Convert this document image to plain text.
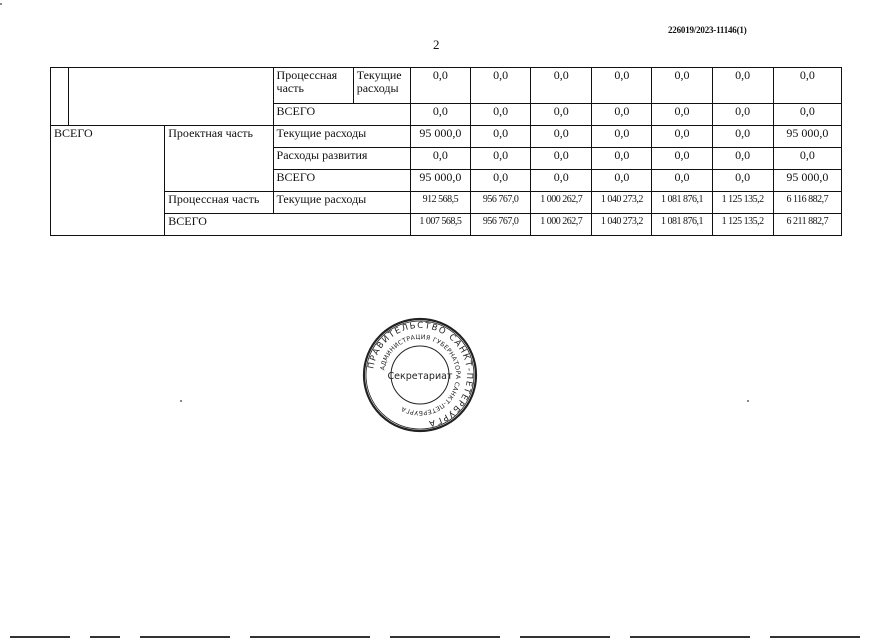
226019/2023-11146(1)
2
			Процессная часть	Текущие расходы	0,0	0,0	0,0	0,0	0,0	0,0	0,0
			ВСЕГО		0,0	0,0	0,0	0,0	0,0	0,0	0,0
ВСЕГО		Проектная часть	Текущие расходы		95 000,0	0,0	0,0	0,0	0,0	0,0	95 000,0
			Расходы развития		0,0	0,0	0,0	0,0	0,0	0,0	0,0
			ВСЕГО		95 000,0	0,0	0,0	0,0	0,0	0,0	95 000,0
		Процессная часть	Текущие расходы		912 568,5	956 767,0	1 000 262,7	1 040 273,2	1 081 876,1	1 125 135,2	6 116 882,7
		ВСЕГО			1 007 568,5	956 767,0	1 000 262,7	1 040 273,2	1 081 876,1	1 125 135,2	6 211 882,7
ПРАВИТЕЛЬСТВО САНКТ-ПЕТЕРБУРГА
АДМИНИСТРАЦИЯ ГУБЕРНАТОРА САНКТ-ПЕТЕРБУРГА
Секретариат
